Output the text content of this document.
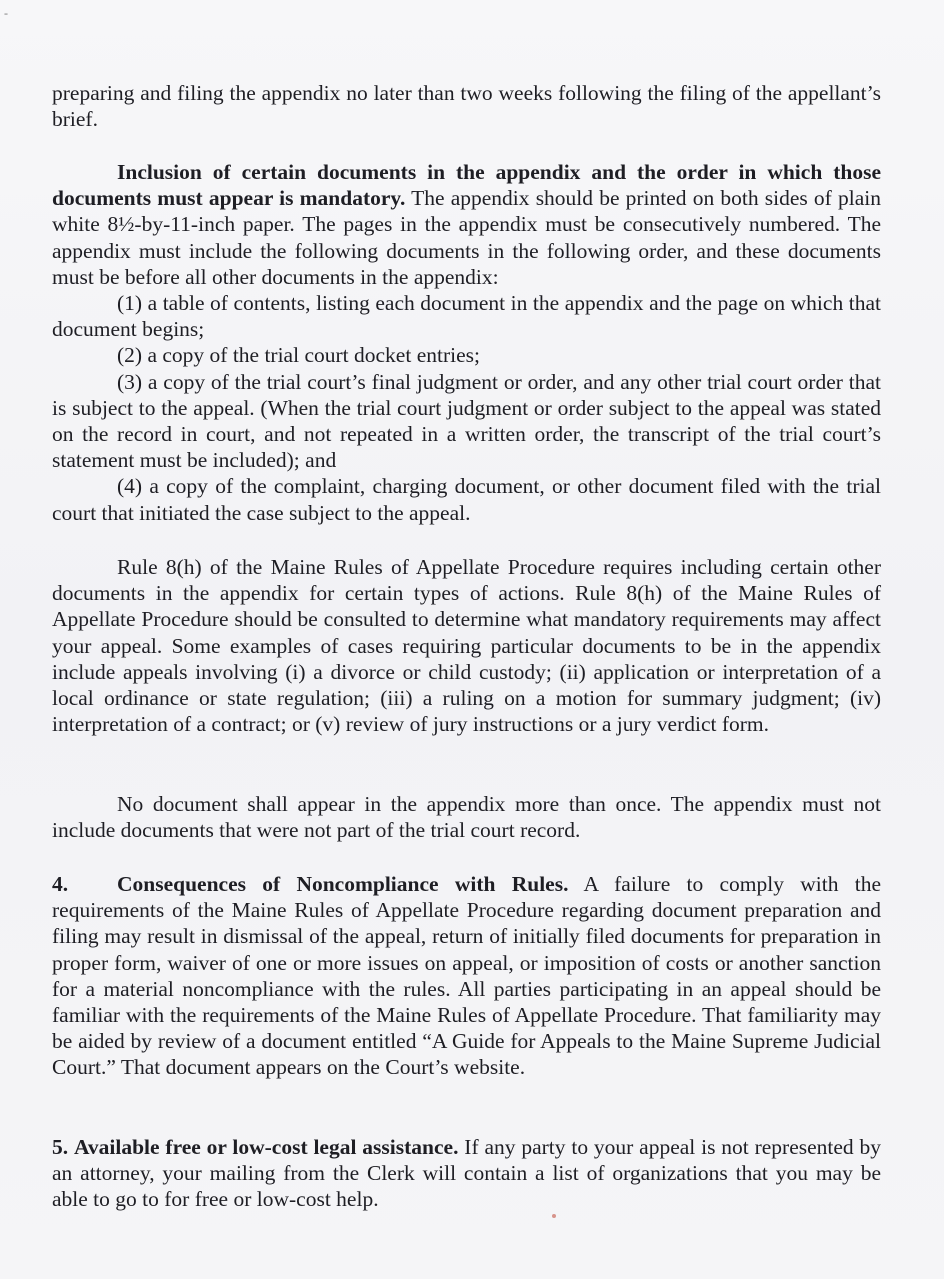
-

preparing and filing the appendix no later than two weeks following the filing of the appellant’s brief.

Inclusion of certain documents in the appendix and the order in which those documents must appear is mandatory. The appendix should be printed on both sides of plain white 8½-by-11-inch paper. The pages in the appendix must be consecutively numbered. The appendix must include the following documents in the following order, and these documents must be before all other documents in the appendix:

(1) a table of contents, listing each document in the appendix and the page on which that document begins;

(2) a copy of the trial court docket entries;

(3) a copy of the trial court’s final judgment or order, and any other trial court order that is subject to the appeal. (When the trial court judgment or order subject to the appeal was stated on the record in court, and not repeated in a written order, the transcript of the trial court’s statement must be included); and

(4) a copy of the complaint, charging document, or other document filed with the trial court that initiated the case subject to the appeal.

Rule 8(h) of the Maine Rules of Appellate Procedure requires including certain other documents in the appendix for certain types of actions. Rule 8(h) of the Maine Rules of Appellate Procedure should be consulted to determine what mandatory requirements may affect your appeal. Some examples of cases requiring particular documents to be in the appendix include appeals involving (i) a divorce or child custody; (ii) application or interpretation of a local ordinance or state regulation; (iii) a ruling on a motion for summary judgment; (iv) interpretation of a contract; or (v) review of jury instructions or a jury verdict form.

No document shall appear in the appendix more than once. The appendix must not include documents that were not part of the trial court record.

4. Consequences of Noncompliance with Rules. A failure to comply with the requirements of the Maine Rules of Appellate Procedure regarding document preparation and filing may result in dismissal of the appeal, return of initially filed documents for preparation in proper form, waiver of one or more issues on appeal, or imposition of costs or another sanction for a material noncompliance with the rules. All parties participating in an appeal should be familiar with the requirements of the Maine Rules of Appellate Procedure. That familiarity may be aided by review of a document entitled “A Guide for Appeals to the Maine Supreme Judicial Court.” That document appears on the Court’s website.

5. Available free or low-cost legal assistance. If any party to your appeal is not represented by an attorney, your mailing from the Clerk will contain a list of organizations that you may be able to go to for free or low-cost help.
